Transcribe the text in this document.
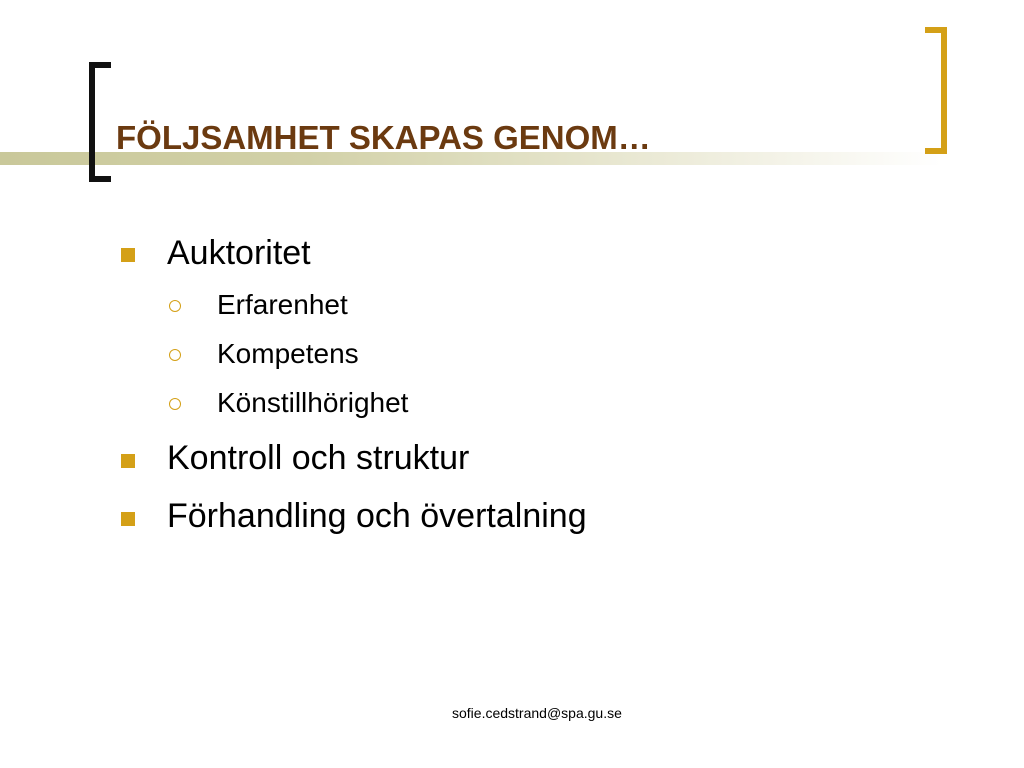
FÖLJSAMHET SKAPAS GENOM…
Auktoritet
Erfarenhet
Kompetens
Könstillhörighet
Kontroll och struktur
Förhandling och övertalning
sofie.cedstrand@spa.gu.se
